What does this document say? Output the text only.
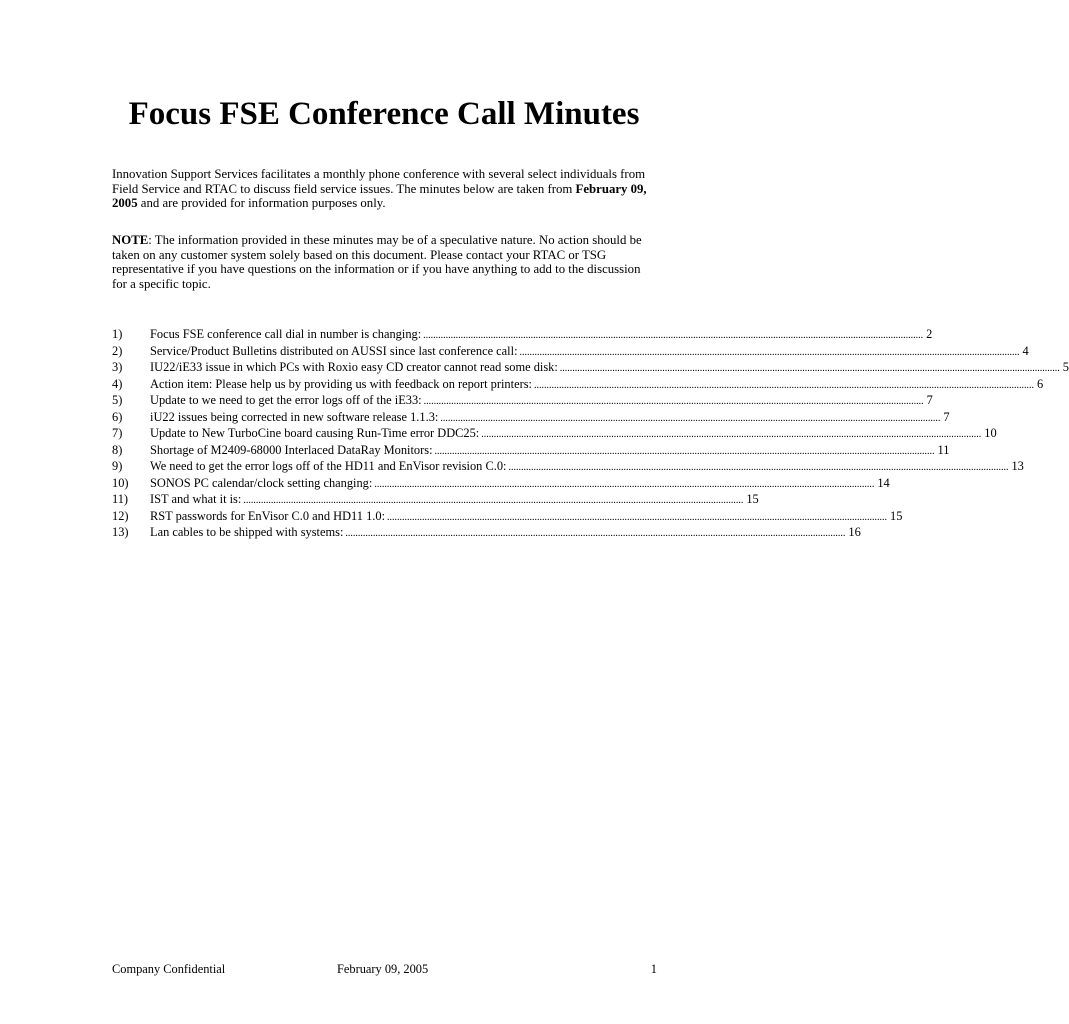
Focus FSE Conference Call Minutes

Innovation Support Services facilitates a monthly phone conference with several select individuals from Field Service and RTAC to discuss field service issues. The minutes below are taken from February 09, 2005 and are provided for information purposes only.

NOTE: The information provided in these minutes may be of a speculative nature. No action should be taken on any customer system solely based on this document. Please contact your RTAC or TSG representative if you have questions on the information or if you have anything to add to the discussion for a specific topic.

1)	Focus FSE conference call dial in number is changing: ........................................................................................................................................................................................................ 2
2)	Service/Product Bulletins distributed on AUSSI since last conference call: ........................................................................................................................................................................................................ 4
3)	IU22/iE33 issue in which PCs with Roxio easy CD creator cannot read some disk: ........................................................................................................................................................................................................ 5
4)	Action item: Please help us by providing us with feedback on report printers: ........................................................................................................................................................................................................ 6
5)	Update to we need to get the error logs off of the iE33: ........................................................................................................................................................................................................ 7
6)	iU22 issues being corrected in new software release 1.1.3: ........................................................................................................................................................................................................ 7
7)	Update to New TurboCine board causing Run-Time error DDC25: ........................................................................................................................................................................................................ 10
8)	Shortage of M2409-68000 Interlaced DataRay Monitors: ........................................................................................................................................................................................................ 11
9)	We need to get the error logs off of the HD11 and EnVisor revision C.0: ........................................................................................................................................................................................................ 13
10)	SONOS PC calendar/clock setting changing: ........................................................................................................................................................................................................ 14
11)	IST and what it is: ........................................................................................................................................................................................................ 15
12)	RST passwords for EnVisor C.0 and HD11 1.0: ........................................................................................................................................................................................................ 15
13)	Lan cables to be shipped with systems: ........................................................................................................................................................................................................ 16
Company Confidential	February 09, 2005	1
